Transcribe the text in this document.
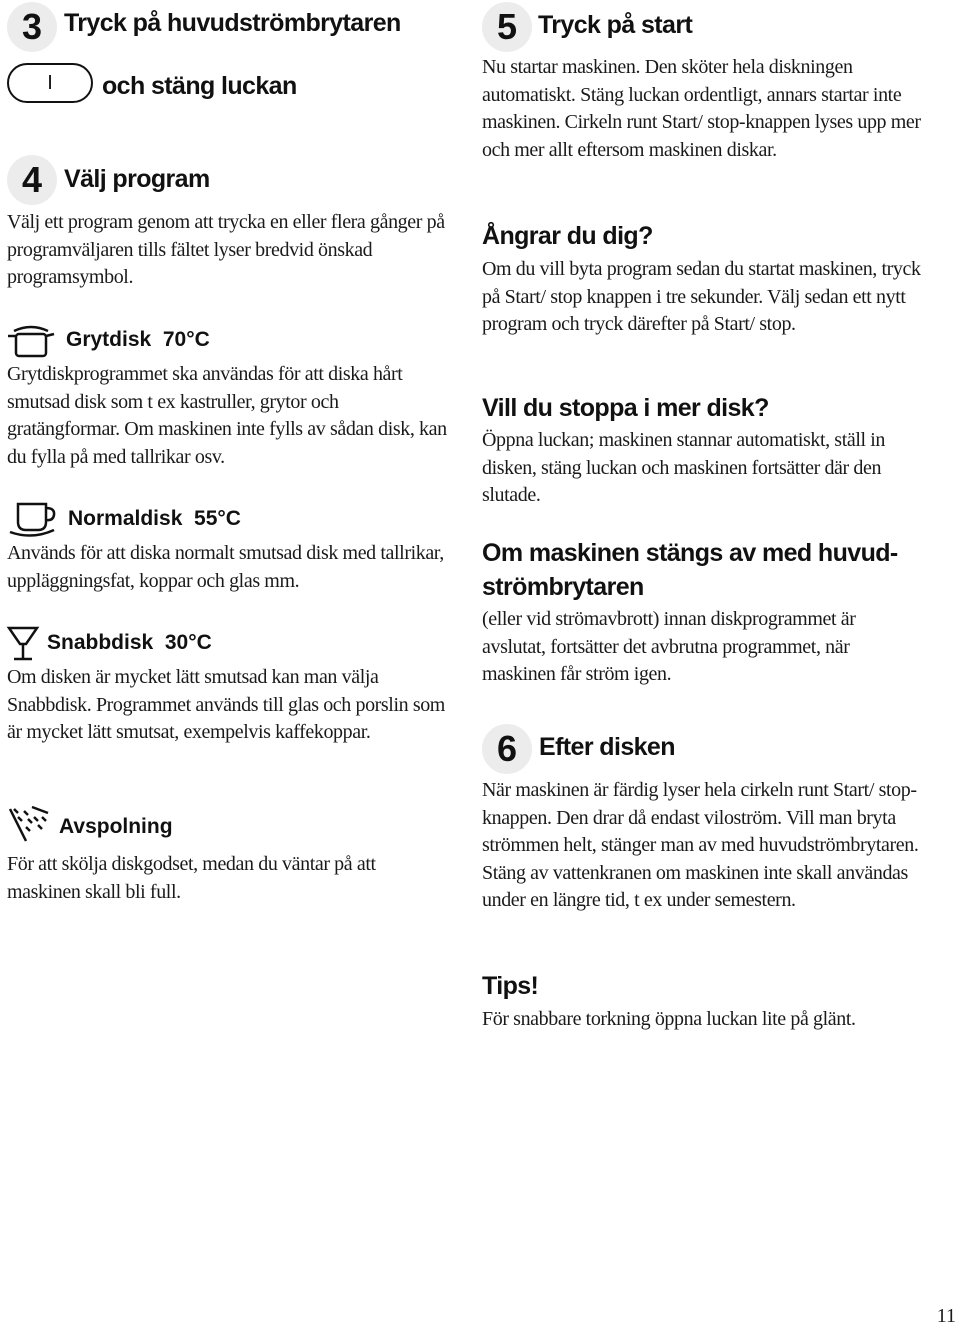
3 Tryck på huvudströmbrytaren
I och stäng luckan
4 Välj program
Välj ett program genom att trycka en eller flera gånger på programväljaren tills fältet lyser bredvid önskad programsymbol.
Grytdisk 70°C
Grytdiskprogrammet ska användas för att diska hårt smutsad disk som t ex kastruller, grytor och gratängformar. Om maskinen inte fylls av sådan disk, kan du fylla på med tallrikar osv.
Normaldisk 55°C
Används för att diska normalt smutsad disk med tallrikar, uppläggningsfat, koppar och glas mm.
Snabbdisk 30°C
Om disken är mycket lätt smutsad kan man välja Snabbdisk. Programmet används till glas och porslin som är mycket lätt smutsat, exempelvis kaffekoppar.
Avspolning
För att skölja diskgodset, medan du väntar på att maskinen skall bli full.
5 Tryck på start
Nu startar maskinen. Den sköter hela diskningen automatiskt. Stäng luckan ordentligt, annars startar inte maskinen. Cirkeln runt Start/ stop-knappen lyses upp mer och mer allt eftersom maskinen diskar.
Ångrar du dig?
Om du vill byta program sedan du startat maskinen, tryck på Start/ stop knappen i tre sekunder. Välj sedan ett nytt program och tryck därefter på Start/ stop.
Vill du stoppa i mer disk?
Öppna luckan; maskinen stannar automatiskt, ställ in disken, stäng luckan och maskinen fortsätter där den slutade.
Om maskinen stängs av med huvud-
strömbrytaren
(eller vid strömavbrott) innan diskprogrammet är avslutat, fortsätter det avbrutna programmet, när maskinen får ström igen.
6 Efter disken
När maskinen är färdig lyser hela cirkeln runt Start/ stop-knappen. Den drar då endast viloström. Vill man bryta strömmen helt, stänger man av med huvudströmbrytaren. Stäng av vattenkranen om maskinen inte skall användas under en längre tid, t ex under semestern.
Tips!
För snabbare torkning öppna luckan lite på glänt.
11
